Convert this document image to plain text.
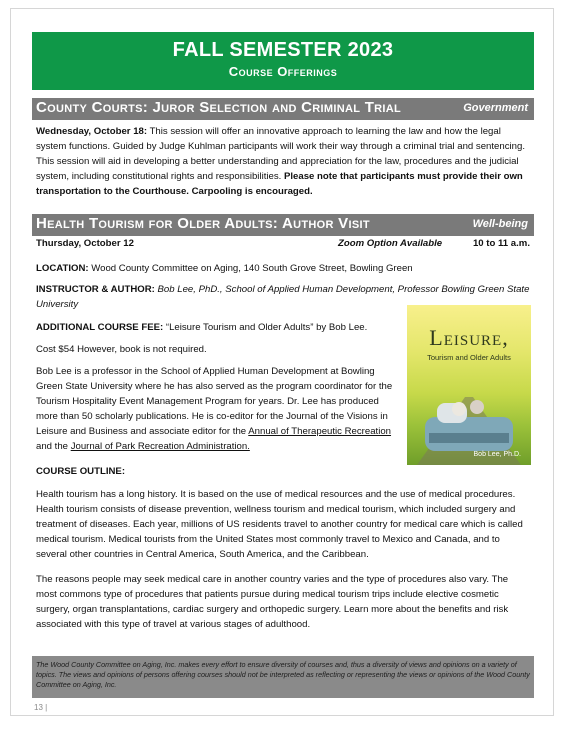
FALL SEMESTER 2023
Course Offerings
County Courts: Juror Selection and Criminal Trial	Government

Wednesday, October 18: This session will offer an innovative approach to learning the law and how the legal system functions. Guided by Judge Kuhlman participants will work their way through a criminal trial and sentencing. This session will aid in developing a better understanding and appreciation for the law, procedures and the judicial system, including constitutional rights and responsibilities. Please note that participants must provide their own transportation to the Courthouse. Carpooling is encouraged.

Health Tourism for Older Adults: Author Visit	Well-being
Thursday, October 12	Zoom Option Available	10 to 11 a.m.

LOCATION: Wood County Committee on Aging, 140 South Grove Street, Bowling Green

INSTRUCTOR & AUTHOR: Bob Lee, PhD., School of Applied Human Development, Professor Bowling Green State University

ADDITIONAL COURSE FEE: “Leisure Tourism and Older Adults” by Bob Lee.

Cost $54 However, book is not required.

Bob Lee is a professor in the School of Applied Human Development at Bowling Green State University where he has also served as the program coordinator for the Tourism Hospitality Event Management Program for years. Dr. Lee has produced more than 50 scholarly publications. He is co-editor for the Journal of the Visions in Leisure and Business and associate editor for the Annual of Therapeutic Recreation and the Journal of Park Recreation Administration.

Leisure,
Tourism and Older Adults
Bob Lee, Ph.D.

COURSE OUTLINE:

Health tourism has a long history. It is based on the use of medical resources and the use of medical procedures. Health tourism consists of disease prevention, wellness tourism and medical tourism, which included surgery and treatment of diseases. Each year, millions of US residents travel to another country for medical care which is called medical tourism. Medical tourists from the United States most commonly travel to Mexico and Canada, and to several other countries in Central America, South America, and the Caribbean.

The reasons people may seek medical care in another country varies and the type of procedures also vary. The most commons type of procedures that patients pursue during medical tourism trips include elective cosmetic surgery, organ transplantations, cardiac surgery and orthopedic surgery. Learn more about the benefits and risk associated with this type of travel at various stages of adulthood.

The Wood County Committee on Aging, Inc. makes every effort to ensure diversity of courses and, thus a diversity of views and opinions on a variety of topics. The views and opinions of persons offering courses should not be interpreted as reflecting or representing the views or opinions of the Wood County Committee on Aging, Inc.
13 |
